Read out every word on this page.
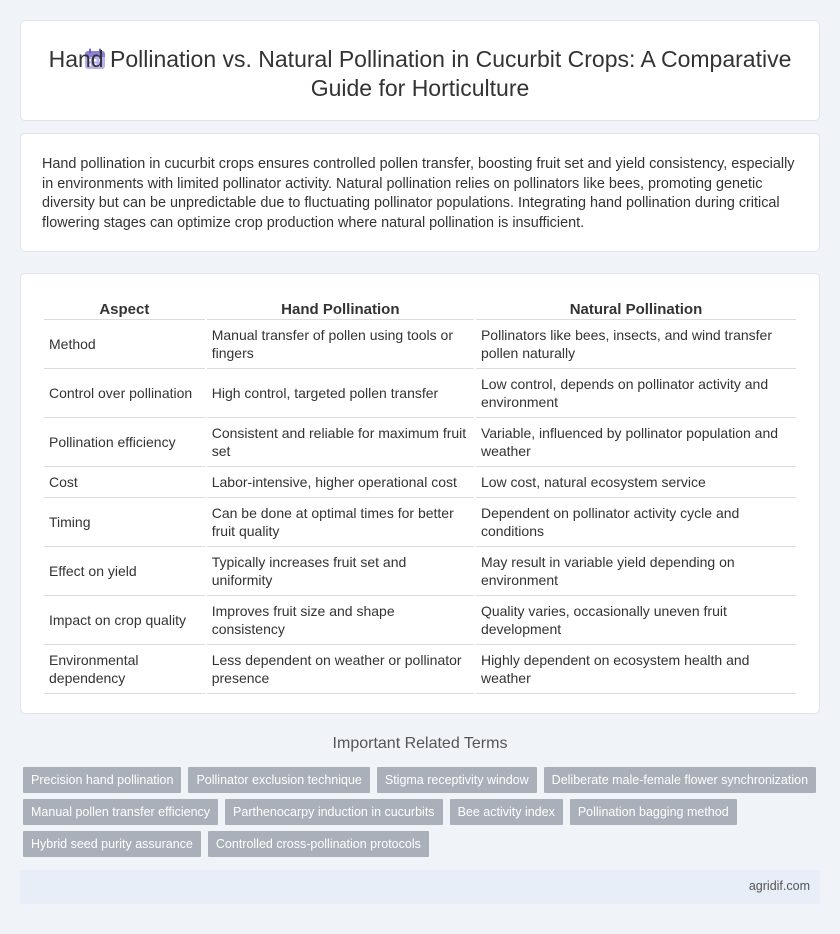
Hand Pollination vs. Natural Pollination in Cucurbit Crops: A Comparative Guide for Horticulture

Hand pollination in cucurbit crops ensures controlled pollen transfer, boosting fruit set and yield consistency, especially in environments with limited pollinator activity. Natural pollination relies on pollinators like bees, promoting genetic diversity but can be unpredictable due to fluctuating pollinator populations. Integrating hand pollination during critical flowering stages can optimize crop production where natural pollination is insufficient.

Aspect	Hand Pollination	Natural Pollination
Method	Manual transfer of pollen using tools or fingers	Pollinators like bees, insects, and wind transfer pollen naturally
Control over pollination	High control, targeted pollen transfer	Low control, depends on pollinator activity and environment
Pollination efficiency	Consistent and reliable for maximum fruit set	Variable, influenced by pollinator population and weather
Cost	Labor-intensive, higher operational cost	Low cost, natural ecosystem service
Timing	Can be done at optimal times for better fruit quality	Dependent on pollinator activity cycle and conditions
Effect on yield	Typically increases fruit set and uniformity	May result in variable yield depending on environment
Impact on crop quality	Improves fruit size and shape consistency	Quality varies, occasionally uneven fruit development
Environmental dependency	Less dependent on weather or pollinator presence	Highly dependent on ecosystem health and weather
Important Related Terms
Precision hand pollination	Pollinator exclusion technique	Stigma receptivity window	Deliberate male-female flower synchronization
Manual pollen transfer efficiency	Parthenocarpy induction in cucurbits	Bee activity index	Pollination bagging method
Hybrid seed purity assurance	Controlled cross-pollination protocols
agridif.com
